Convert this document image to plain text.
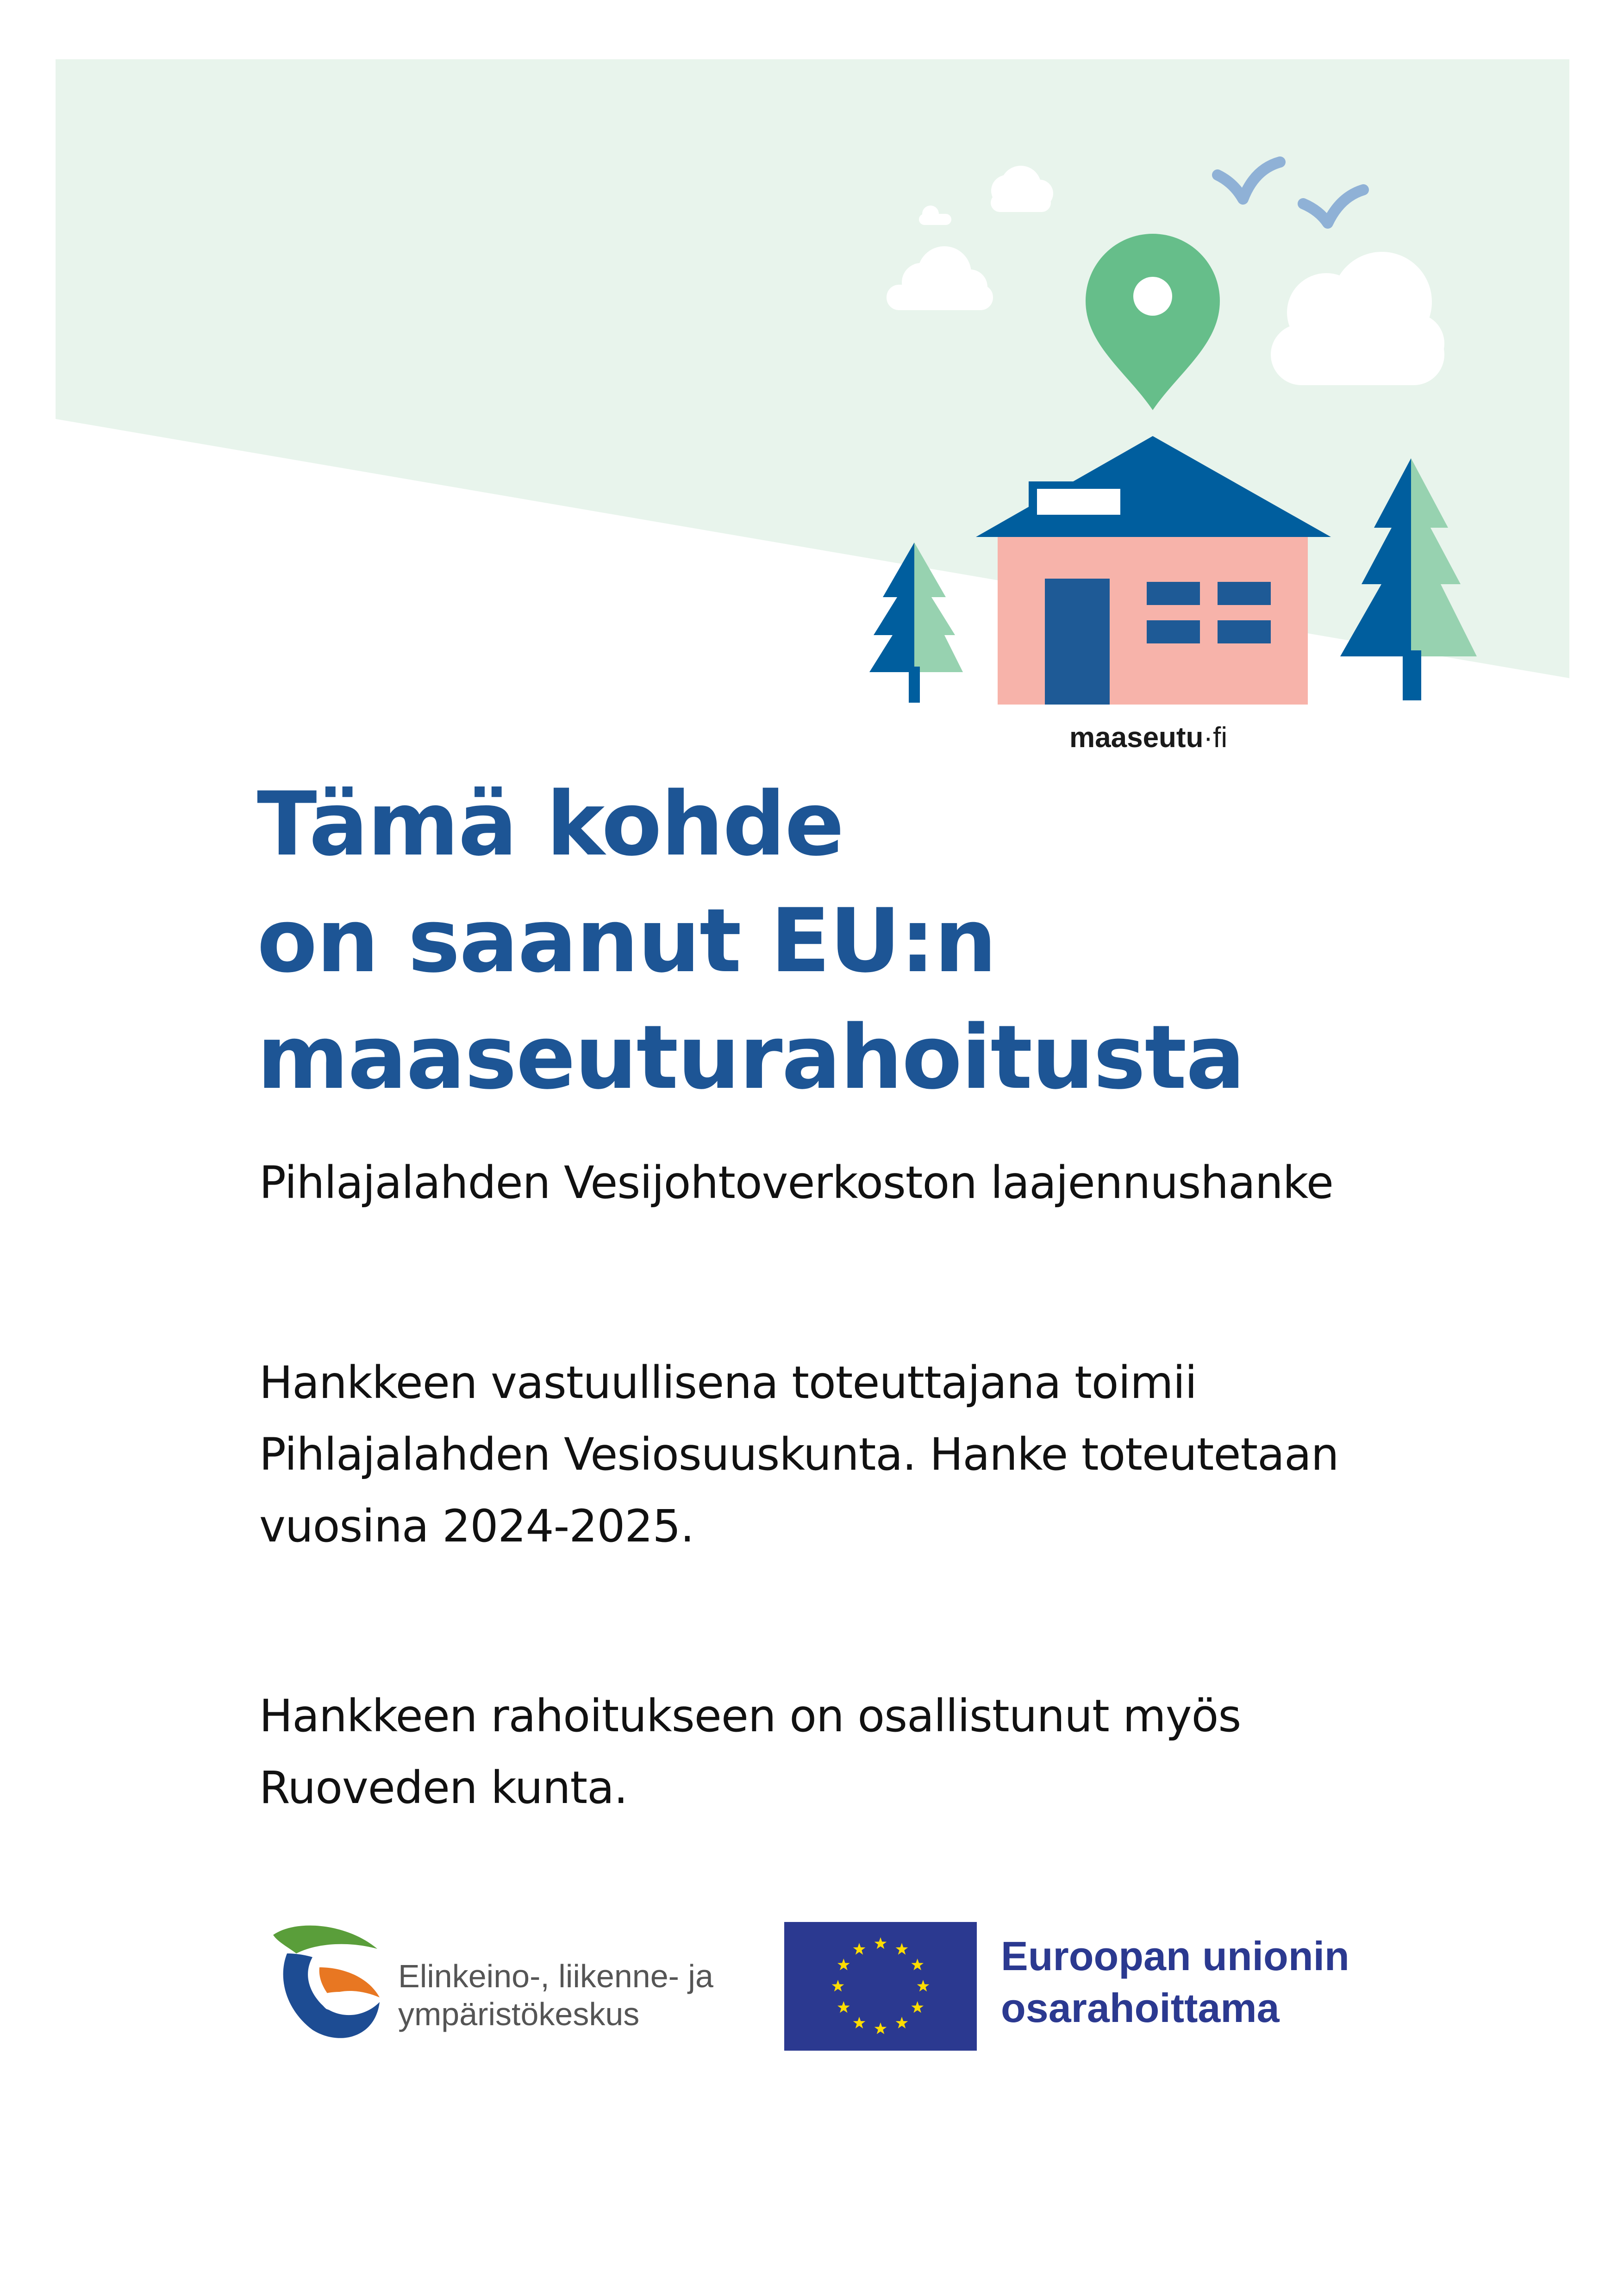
maaseutu·fi
Tämä kohde
on saanut EU:n
maaseuturahoitusta

Pihlajalahden Vesijohtoverkoston laajennushanke

Hankkeen vastuullisena toteuttajana toimii
Pihlajalahden Vesiosuuskunta. Hanke toteutetaan
vuosina 2024-2025.

Hankkeen rahoitukseen on osallistunut myös
Ruoveden kunta.

Elinkeino-, liikenne- ja
ympäristökeskus
Euroopan unionin
osarahoittama
